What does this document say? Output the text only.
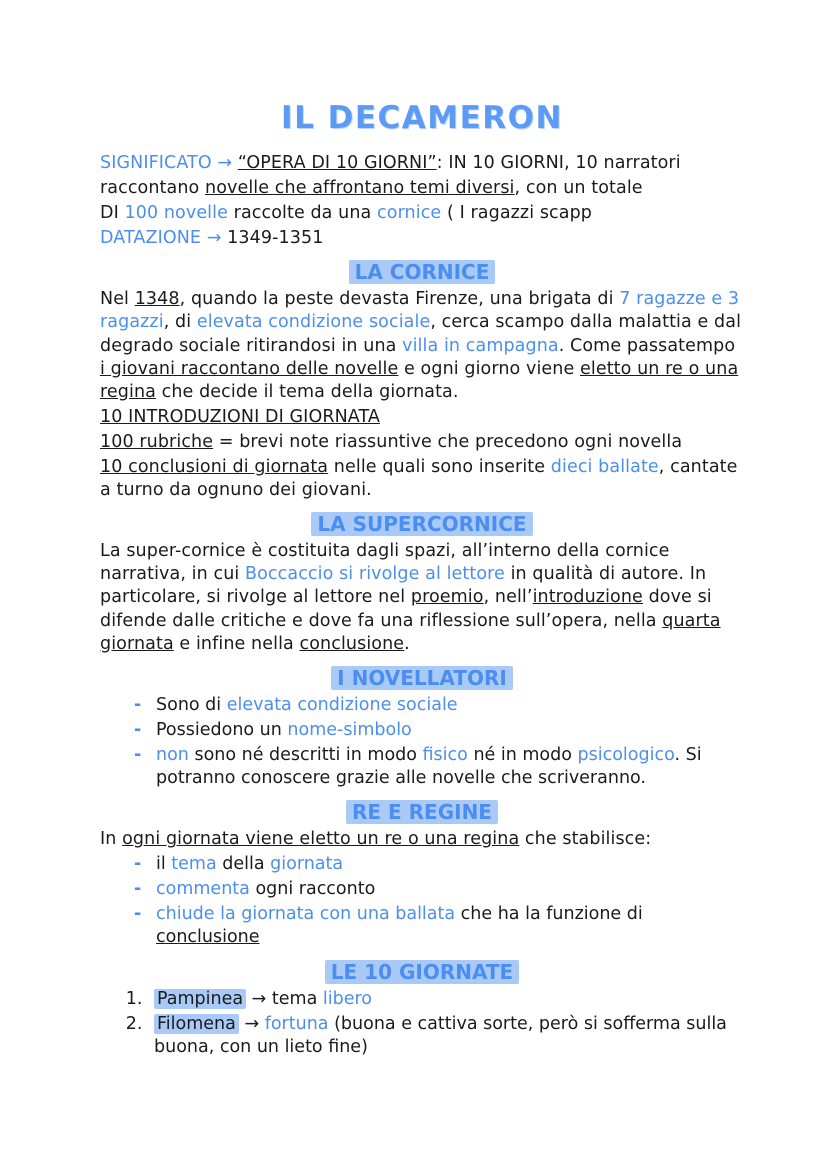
IL DECAMERON

SIGNIFICATO → “OPERA DI 10 GIORNI”: IN 10 GIORNI, 10 narratori

raccontano novelle che affrontano temi diversi, con un totale

DI 100 novelle raccolte da una cornice ( I ragazzi scapp

DATAZIONE → 1349-1351

LA CORNICE

Nel 1348, quando la peste devasta Firenze, una brigata di 7 ragazze e 3 ragazzi, di elevata condizione sociale, cerca scampo dalla malattia e dal degrado sociale ritirandosi in una villa in campagna. Come passatempo i giovani raccontano delle novelle e ogni giorno viene eletto un re o una regina che decide il tema della giornata.

10 INTRODUZIONI DI GIORNATA

100 rubriche = brevi note riassuntive che precedono ogni novella

10 conclusioni di giornata nelle quali sono inserite dieci ballate, cantate a turno da ognuno dei giovani.

LA SUPERCORNICE

La super-cornice è costituita dagli spazi, all’interno della cornice narrativa, in cui Boccaccio si rivolge al lettore in qualità di autore. In particolare, si rivolge al lettore nel proemio, nell’introduzione dove si difende dalle critiche e dove fa una riflessione sull’opera, nella quarta giornata e infine nella conclusione.

I NOVELLATORI
- Sono di elevata condizione sociale
- Possiedono un nome-simbolo
- non sono né descritti in modo fisico né in modo psicologico. Si potranno conoscere grazie alle novelle che scriveranno.
RE E REGINE

In ogni giornata viene eletto un re o una regina che stabilisce:

- il tema della giornata
- commenta ogni racconto
- chiude la giornata con una ballata che ha la funzione di conclusione
LE 10 GIORNATE
1. Pampinea → tema libero
2. Filomena → fortuna (buona e cattiva sorte, però si sofferma sulla buona, con un lieto fine)
